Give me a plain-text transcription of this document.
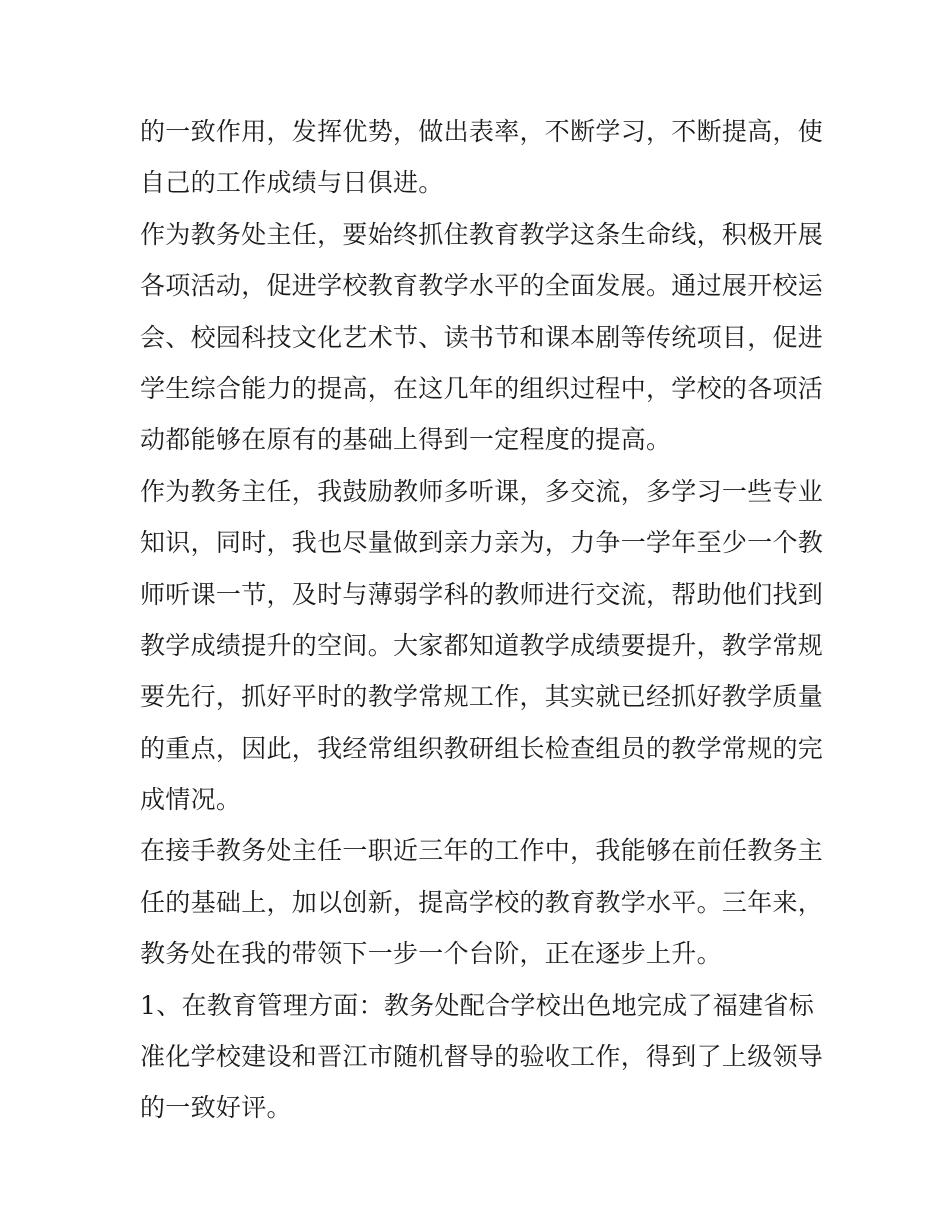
的一致作用，发挥优势，做出表率，不断学习，不断提高，使
自己的工作成绩与日俱进。
作为教务处主任，要始终抓住教育教学这条生命线，积极开展
各项活动，促进学校教育教学水平的全面发展。通过展开校运
会、校园科技文化艺术节、读书节和课本剧等传统项目，促进
学生综合能力的提高，在这几年的组织过程中，学校的各项活
动都能够在原有的基础上得到一定程度的提高。
作为教务主任，我鼓励教师多听课，多交流，多学习一些专业
知识，同时，我也尽量做到亲力亲为，力争一学年至少一个教
师听课一节，及时与薄弱学科的教师进行交流，帮助他们找到
教学成绩提升的空间。大家都知道教学成绩要提升，教学常规
要先行，抓好平时的教学常规工作，其实就已经抓好教学质量
的重点，因此，我经常组织教研组长检查组员的教学常规的完
成情况。
在接手教务处主任一职近三年的工作中，我能够在前任教务主
任的基础上，加以创新，提高学校的教育教学水平。三年来，
教务处在我的带领下一步一个台阶，正在逐步上升。
1、在教育管理方面：教务处配合学校出色地完成了福建省标
准化学校建设和晋江市随机督导的验收工作，得到了上级领导
的一致好评。
